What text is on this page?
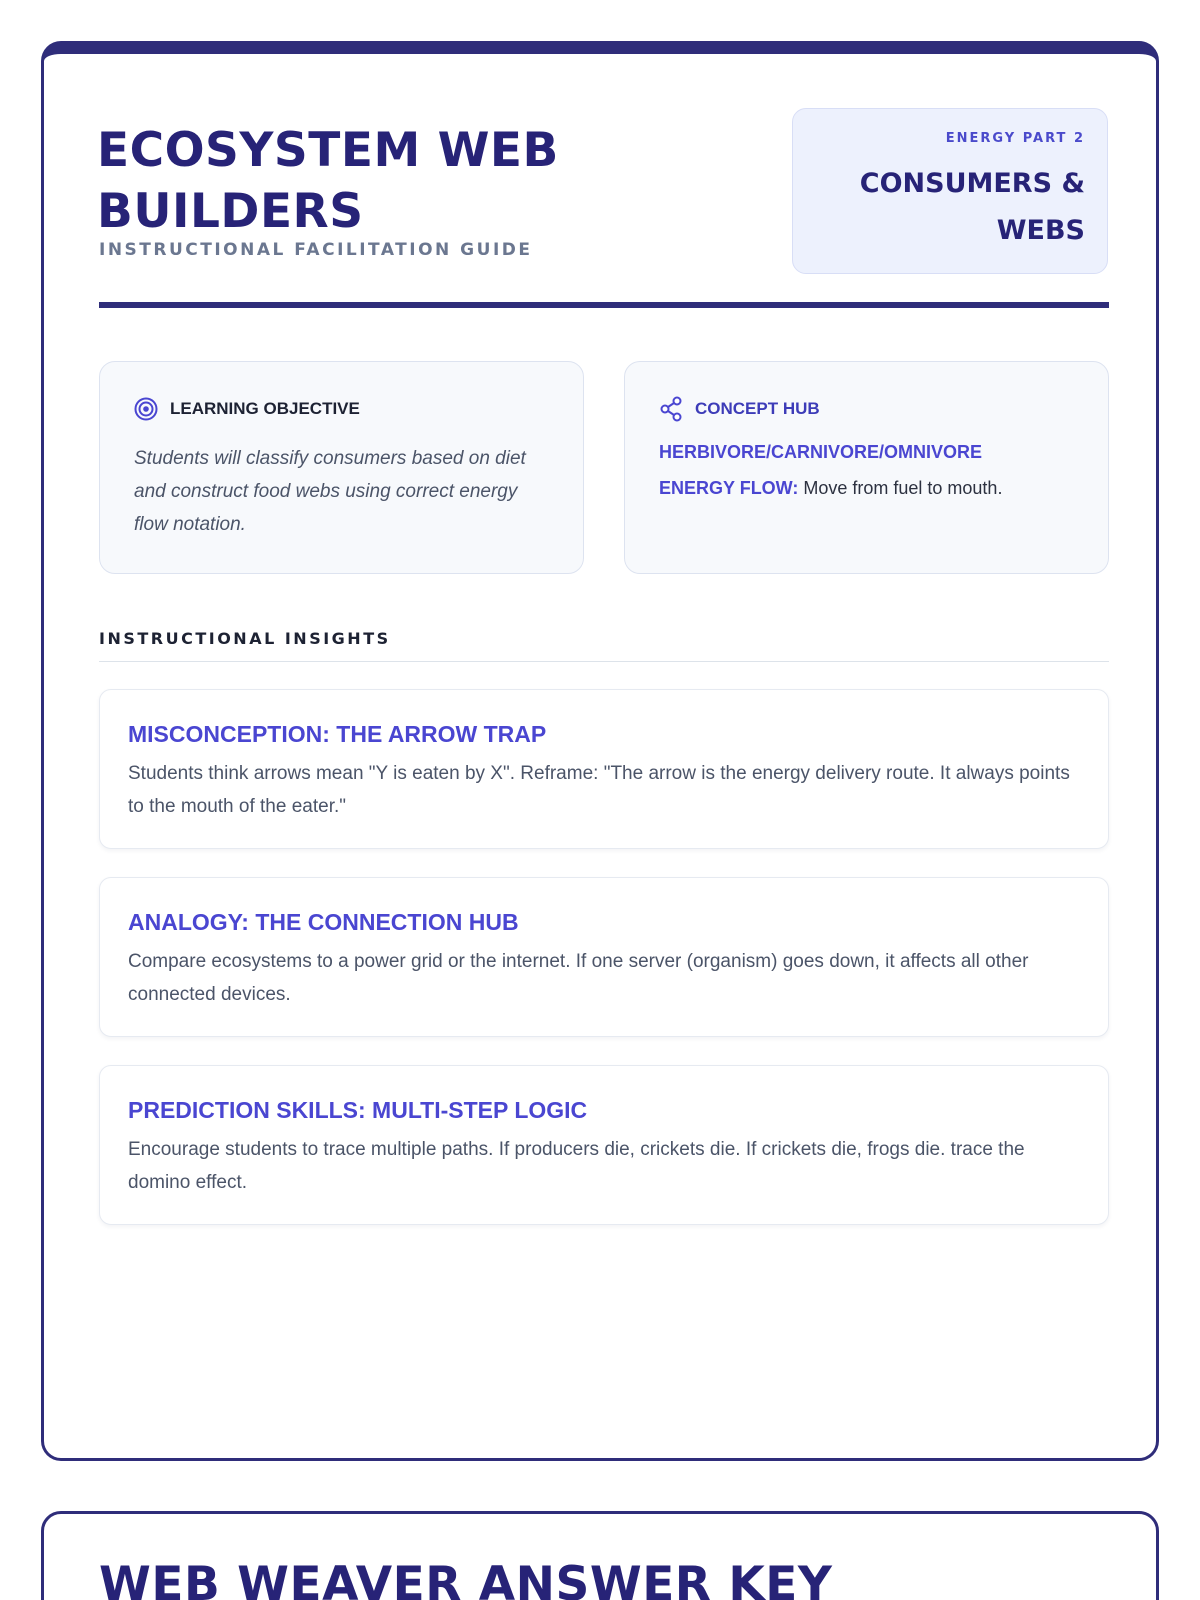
ECOSYSTEM WEB
BUILDERS
INSTRUCTIONAL FACILITATION GUIDE
ENERGY PART 2
CONSUMERS &
WEBS
LEARNING OBJECTIVE
Students will classify consumers based on diet and construct food webs using correct energy flow notation.
CONCEPT HUB
HERBIVORE/CARNIVORE/OMNIVORE
ENERGY FLOW: Move from fuel to mouth.
INSTRUCTIONAL INSIGHTS
MISCONCEPTION: THE ARROW TRAP
Students think arrows mean "Y is eaten by X". Reframe: "The arrow is the energy delivery route. It always points to the mouth of the eater."
ANALOGY: THE CONNECTION HUB
Compare ecosystems to a power grid or the internet. If one server (organism) goes down, it affects all other connected devices.
PREDICTION SKILLS: MULTI-STEP LOGIC
Encourage students to trace multiple paths. If producers die, crickets die. If crickets die, frogs die. trace the domino effect.
WEB WEAVER ANSWER KEY
